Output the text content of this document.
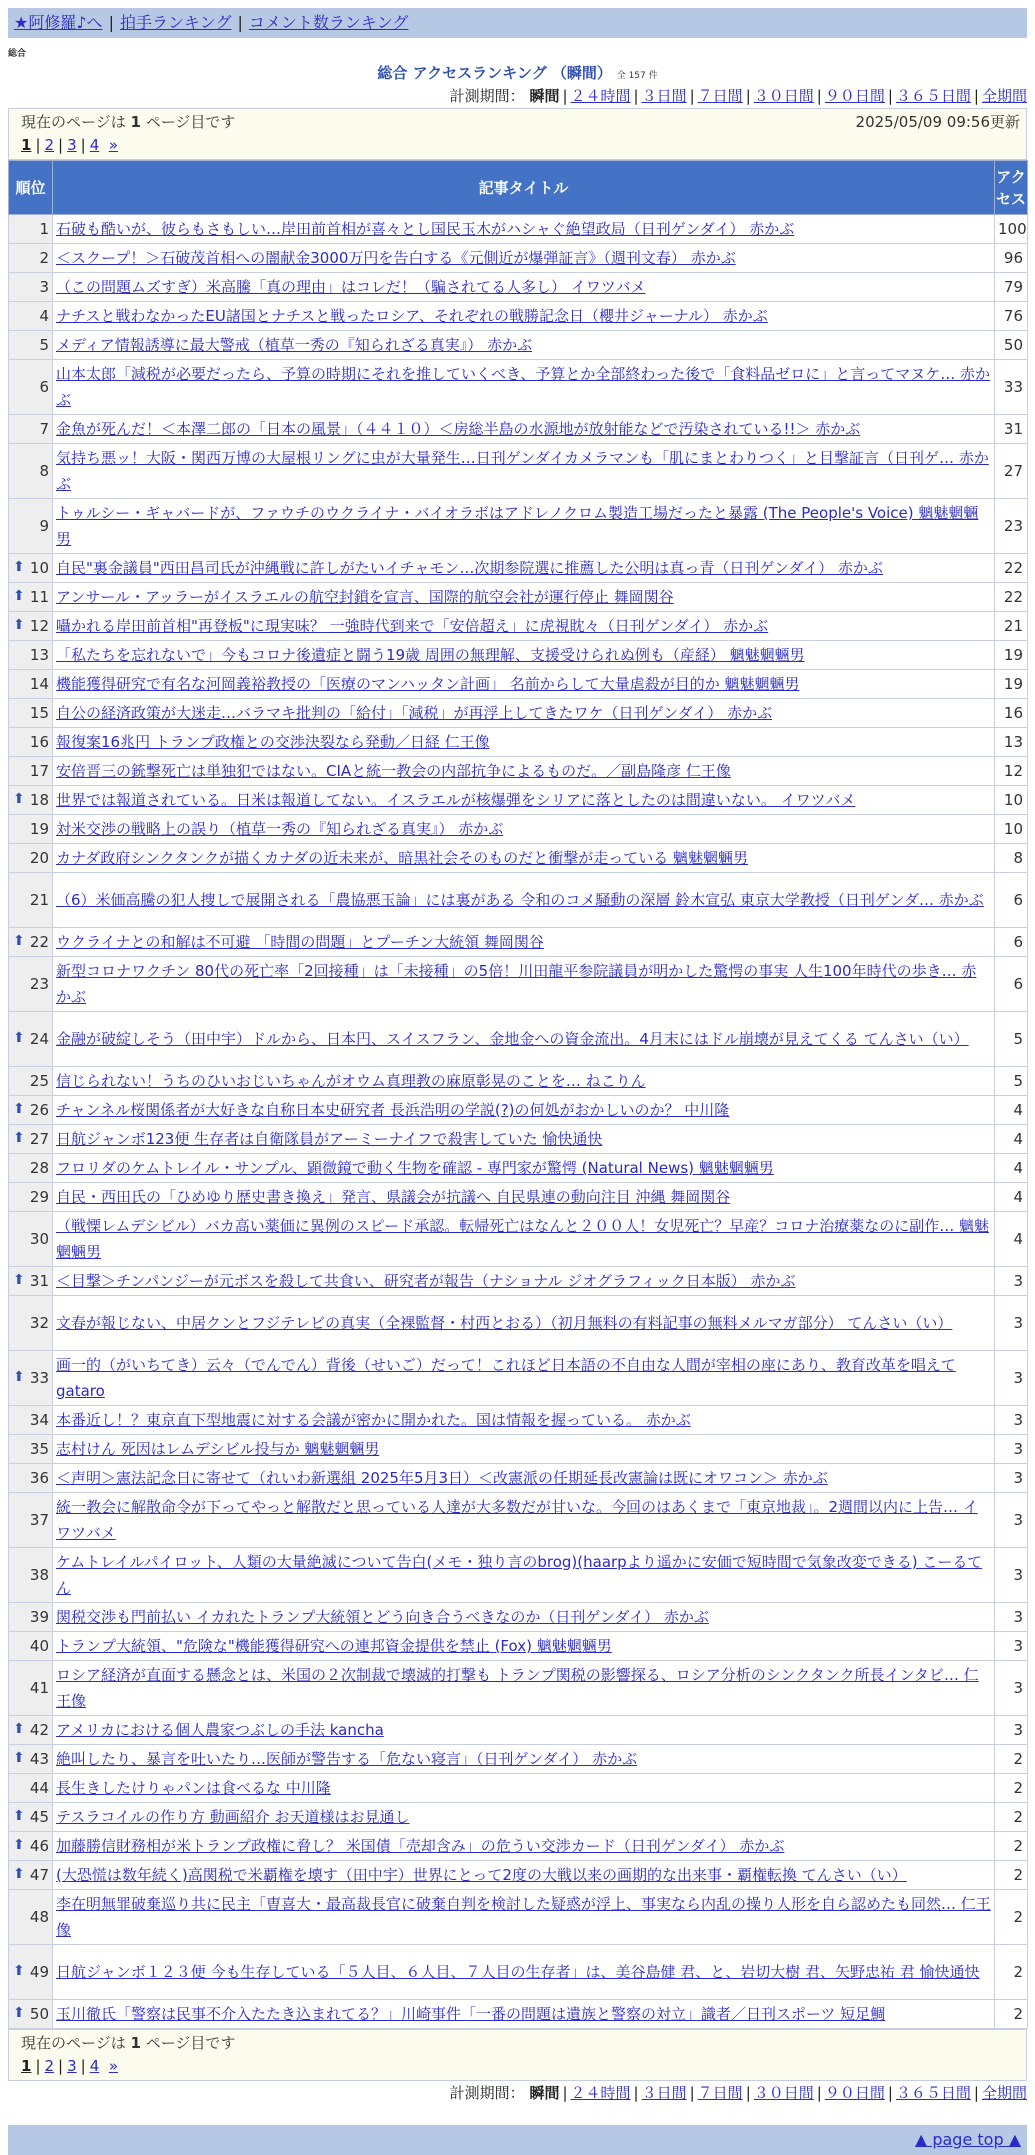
★阿修羅♪へ | 拍手ランキング | コメント数ランキング
総合
総合 アクセスランキング （瞬間） 全 157 件
計測期間： 瞬間 | ２４時間 | ３日間 | ７日間 | ３０日間 | ９０日間 | ３６５日間 | 全期間
現在のページは 1 ページ目です	2025/05/09 09:56更新
1 | 2 | 3 | 4 »
順位	記事タイトル	アクセス
1	石破も酷いが、彼らもさもしい…岸田前首相が喜々とし国民玉木がハシャぐ絶望政局（日刊ゲンダイ） 赤かぶ	100
2	＜スクープ！＞石破茂首相への闇献金3000万円を告白する《元側近が爆弾証言》（週刊文春） 赤かぶ	96
3	（この問題ムズすぎ）米高騰「真の理由」はコレだ！（騙されてる人多し） イワツバメ	79
4	ナチスと戦わなかったEU諸国とナチスと戦ったロシア、それぞれの戦勝記念日（櫻井ジャーナル） 赤かぶ	76
5	メディア情報誘導に最大警戒（植草一秀の『知られざる真実』） 赤かぶ	50
6	山本太郎「減税が必要だったら、予算の時期にそれを推していくべき、予算とか全部終わった後で「食料品ゼロに」と言ってマヌケ… 赤かぶ	33
7	金魚が死んだ！＜本澤二郎の「日本の風景」（４４１０）＜房総半島の水源地が放射能などで汚染されている!!＞ 赤かぶ	31
8	気持ち悪ッ！大阪・関西万博の大屋根リングに虫が大量発生…日刊ゲンダイカメラマンも「肌にまとわりつく」と目撃証言（日刊ゲ… 赤かぶ	27
9	トゥルシー・ギャバードが、ファウチのウクライナ・バイオラボはアドレノクロム製造工場だったと暴露 (The People's Voice) 魑魅魍魎男	23

⬆ 10	自民"裏金議員"西田昌司氏が沖縄戦に許しがたいイチャモン…次期参院選に推薦した公明は真っ青（日刊ゲンダイ） 赤かぶ	22

⬆ 11	アンサール・アッラーがイスラエルの航空封鎖を宣言、国際的航空会社が運行停止 舞岡関谷	22

⬆ 12	囁かれる岸田前首相"再登板"に現実味？ 一強時代到来で「安倍超え」に虎視眈々（日刊ゲンダイ） 赤かぶ	21
13	「私たちを忘れないで」今もコロナ後遺症と闘う19歳 周囲の無理解、支援受けられぬ例も（産経） 魑魅魍魎男	19
14	機能獲得研究で有名な河岡義裕教授の「医療のマンハッタン計画」 名前からして大量虐殺が目的か 魑魅魍魎男	19
15	自公の経済政策が大迷走…バラマキ批判の「給付」「減税」が再浮上してきたワケ（日刊ゲンダイ） 赤かぶ	16
16	報復案16兆円 トランプ政権との交渉決裂なら発動／日経 仁王像	13
17	安倍晋三の銃撃死亡は単独犯ではない。CIAと統一教会の内部抗争によるものだ。／副島隆彦 仁王像	12

⬆ 18	世界では報道されている。日米は報道してない。イスラエルが核爆弾をシリアに落としたのは間違いない。 イワツバメ	10
19	対米交渉の戦略上の誤り（植草一秀の『知られざる真実』） 赤かぶ	10
20	カナダ政府シンクタンクが描くカナダの近未来が、暗黒社会そのものだと衝撃が走っている 魑魅魍魎男	8
21	（6）米価高騰の犯人捜しで展開される「農協悪玉論」には裏がある 令和のコメ騒動の深層 鈴木宣弘 東京大学教授（日刊ゲンダ… 赤かぶ	6

⬆ 22	ウクライナとの和解は不可避 「時間の問題」とプーチン大統領 舞岡関谷	6
23	新型コロナワクチン 80代の死亡率「2回接種」は「未接種」の5倍！川田龍平参院議員が明かした驚愕の事実 人生100年時代の歩き… 赤かぶ	6

⬆ 24	金融が破綻しそう（田中宇）ドルから、日本円、スイスフラン、金地金への資金流出。4月末にはドル崩壊が見えてくる てんさい（い）	5
25	信じられない！うちのひいおじいちゃんがオウム真理教の麻原彰晃のことを… ねこりん	5

⬆ 26	チャンネル桜関係者が大好きな自称日本史研究者 長浜浩明の学説(?)の何処がおかしいのか？ 中川隆	4

⬆ 27	日航ジャンボ123便 生存者は自衛隊員がアーミーナイフで殺害していた 愉快通快	4
28	フロリダのケムトレイル・サンプル、顕微鏡で動く生物を確認 - 専門家が驚愕 (Natural News) 魑魅魍魎男	4
29	自民・西田氏の「ひめゆり歴史書き換え」発言、県議会が抗議へ 自民県連の動向注目 沖縄 舞岡関谷	4
30	（戦慄レムデシビル）バカ高い薬価に異例のスピード承認。転帰死亡はなんと２００人！女児死亡？早産？コロナ治療薬なのに副作… 魑魅魍魎男	4

⬆ 31	＜目撃＞チンパンジーが元ボスを殺して共食い、研究者が報告（ナショナル ジオグラフィック日本版） 赤かぶ	3
32	文春が報じない、中居クンとフジテレビの真実（全裸監督・村西とおる）（初月無料の有料記事の無料メルマガ部分） てんさい（い）	3

⬆ 33	画一的（がいちてき）云々（でんでん）背後（せいご）だって！これほど日本語の不自由な人間が宰相の座にあり、教育改革を唱えて gataro	3
34	本番近し！？東京直下型地震に対する会議が密かに開かれた。国は情報を握っている。 赤かぶ	3
35	志村けん 死因はレムデシビル投与か 魑魅魍魎男	3
36	＜声明＞憲法記念日に寄せて（れいわ新選組 2025年5月3日）＜改憲派の任期延長改憲論は既にオワコン＞ 赤かぶ	3
37	統一教会に解散命令が下ってやっと解散だと思っている人達が大多数だが甘いな。今回のはあくまで「東京地裁」。2週間以内に上告… イワツバメ	3
38	ケムトレイルパイロット、人類の大量絶滅について告白(メモ・独り言のbrog)(haarpより遥かに安価で短時間で気象改変できる) こーるてん	3
39	関税交渉も門前払い イカれたトランプ大統領とどう向き合うべきなのか（日刊ゲンダイ） 赤かぶ	3
40	トランプ大統領、"危険な"機能獲得研究への連邦資金提供を禁止 (Fox) 魑魅魍魎男	3
41	ロシア経済が直面する懸念とは、米国の２次制裁で壊滅的打撃も トランプ関税の影響探る、ロシア分析のシンクタンク所長インタビ… 仁王像	3

⬆ 42	アメリカにおける個人農家つぶしの手法 kancha	3

⬆ 43	絶叫したり、暴言を吐いたり…医師が警告する「危ない寝言」（日刊ゲンダイ） 赤かぶ	2
44	長生きしたけりゃパンは食べるな 中川隆	2

⬆ 45	テスラコイルの作り方 動画紹介 お天道様はお見通し	2

⬆ 46	加藤勝信財務相が米トランプ政権に脅し？ 米国債「売却含み」の危うい交渉カード（日刊ゲンダイ） 赤かぶ	2

⬆ 47	(大恐慌は数年続く)高関税で米覇権を壊す（田中宇）世界にとって2度の大戦以来の画期的な出来事・覇権転換 てんさい（い）	2
48	李在明無罪破棄巡り共に民主「曺喜大・最高裁長官に破棄自判を検討した疑惑が浮上、事実なら内乱の操り人形を自ら認めたも同然… 仁王像	2

⬆ 49	日航ジャンボ１２３便 今も生存している「５人目、６人目、７人目の生存者」は、美谷島健 君、と、岩切大樹 君、矢野忠祐 君 愉快通快	2

⬆ 50	玉川徹氏「警察は民事不介入たたき込まれてる？」川崎事件「一番の問題は遺族と警察の対立」識者／日刊スポーツ 短足鯛	2
現在のページは 1 ページ目です
1 | 2 | 3 | 4 »
計測期間： 瞬間 | ２４時間 | ３日間 | ７日間 | ３０日間 | ９０日間 | ３６５日間 | 全期間
▲ page top ▲
